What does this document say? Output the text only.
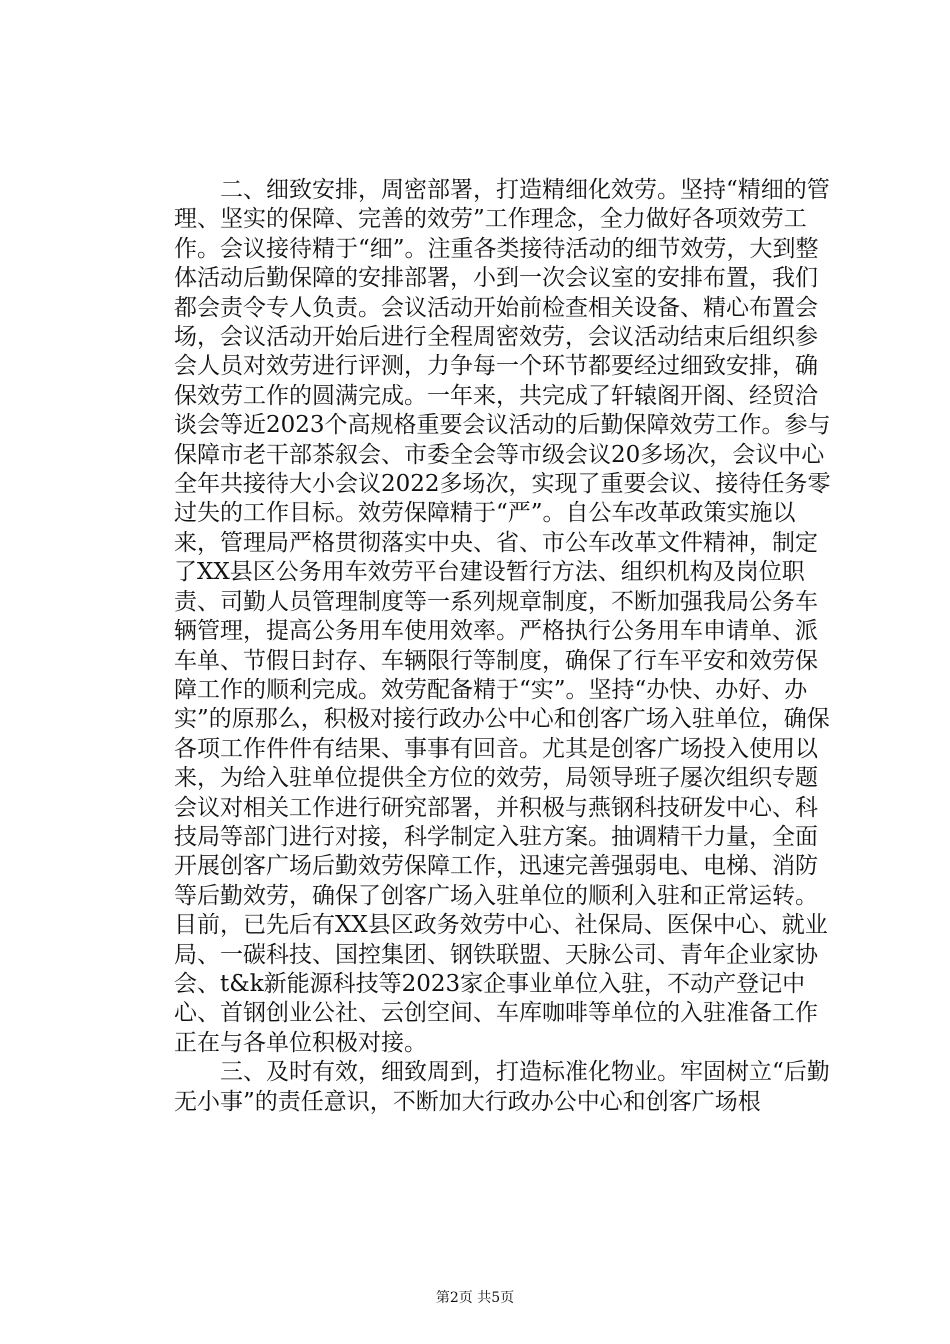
二、细致安排，周密部署，打造精细化效劳。坚持“精细的管理、坚实的保障、完善的效劳”工作理念，全力做好各项效劳工作。会议接待精于“细”。注重各类接待活动的细节效劳，大到整体活动后勤保障的安排部署，小到一次会议室的安排布置，我们都会责令专人负责。会议活动开始前检查相关设备、精心布置会场，会议活动开始后进行全程周密效劳，会议活动结束后组织参会人员对效劳进行评测，力争每一个环节都要经过细致安排，确保效劳工作的圆满完成。一年来，共完成了轩辕阁开阁、经贸洽谈会等近2023个高规格重要会议活动的后勤保障效劳工作。参与保障市老干部茶叙会、市委全会等市级会议20多场次，会议中心全年共接待大小会议2022多场次，实现了重要会议、接待任务零过失的工作目标。效劳保障精于“严”。自公车改革政策实施以来，管理局严格贯彻落实中央、省、市公车改革文件精神，制定了XX县区公务用车效劳平台建设暂行方法、组织机构及岗位职责、司勤人员管理制度等一系列规章制度，不断加强我局公务车辆管理，提高公务用车使用效率。严格执行公务用车申请单、派车单、节假日封存、车辆限行等制度，确保了行车平安和效劳保障工作的顺利完成。效劳配备精于“实”。坚持“办快、办好、办实”的原那么，积极对接行政办公中心和创客广场入驻单位，确保各项工作件件有结果、事事有回音。尤其是创客广场投入使用以来，为给入驻单位提供全方位的效劳，局领导班子屡次组织专题会议对相关工作进行研究部署，并积极与燕钢科技研发中心、科技局等部门进行对接，科学制定入驻方案。抽调精干力量，全面开展创客广场后勤效劳保障工作，迅速完善强弱电、电梯、消防等后勤效劳，确保了创客广场入驻单位的顺利入驻和正常运转。目前，已先后有XX县区政务效劳中心、社保局、医保中心、就业局、一碳科技、国控集团、钢铁联盟、天脉公司、青年企业家协会、t&k新能源科技等2023家企事业单位入驻，不动产登记中心、首钢创业公社、云创空间、车库咖啡等单位的入驻准备工作正在与各单位积极对接。

三、及时有效，细致周到，打造标准化物业。牢固树立“后勤无小事”的责任意识，不断加大行政办公中心和创客广场根

第2页 共5页
